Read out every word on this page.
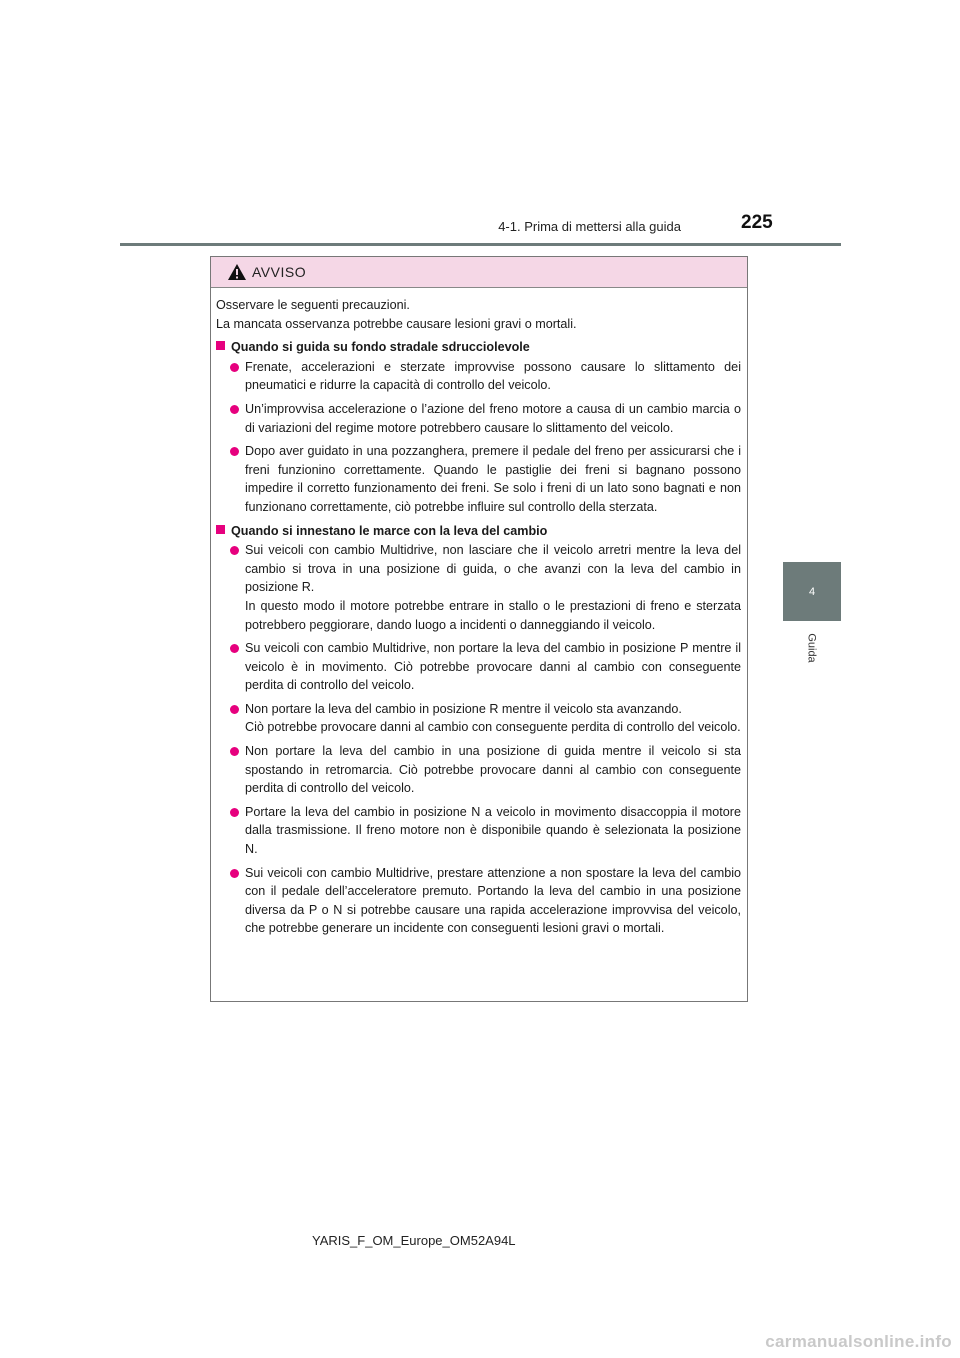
4-1. Prima di mettersi alla guida	225
4
Guida
AVVISO

Osservare le seguenti precauzioni.

La mancata osservanza potrebbe causare lesioni gravi o mortali.

Quando si guida su fondo stradale sdrucciolevole

Frenate, accelerazioni e sterzate improvvise possono causare lo slittamento dei pneumatici e ridurre la capacità di controllo del veicolo.

Un’improvvisa accelerazione o l’azione del freno motore a causa di un cambio marcia o di variazioni del regime motore potrebbero causare lo slittamento del veicolo.

Dopo aver guidato in una pozzanghera, premere il pedale del freno per assicurarsi che i freni funzionino correttamente. Quando le pastiglie dei freni si bagnano possono impedire il corretto funzionamento dei freni. Se solo i freni di un lato sono bagnati e non funzionano correttamente, ciò potrebbe influire sul controllo della sterzata.

Quando si innestano le marce con la leva del cambio

Sui veicoli con cambio Multidrive, non lasciare che il veicolo arretri mentre la leva del cambio si trova in una posizione di guida, o che avanzi con la leva del cambio in posizione R.

In questo modo il motore potrebbe entrare in stallo o le prestazioni di freno e sterzata potrebbero peggiorare, dando luogo a incidenti o danneggiando il veicolo.

Su veicoli con cambio Multidrive, non portare la leva del cambio in posizione P mentre il veicolo è in movimento. Ciò potrebbe provocare danni al cambio con conseguente perdita di controllo del veicolo.

Non portare la leva del cambio in posizione R mentre il veicolo sta avanzando.

Ciò potrebbe provocare danni al cambio con conseguente perdita di controllo del veicolo.

Non portare la leva del cambio in una posizione di guida mentre il veicolo si sta spostando in retromarcia. Ciò potrebbe provocare danni al cambio con conseguente perdita di controllo del veicolo.

Portare la leva del cambio in posizione N a veicolo in movimento disaccoppia il motore dalla trasmissione. Il freno motore non è disponibile quando è selezionata la posizione N.

Sui veicoli con cambio Multidrive, prestare attenzione a non spostare la leva del cambio con il pedale dell’acceleratore premuto. Portando la leva del cambio in una posizione diversa da P o N si potrebbe causare una rapida accelerazione improvvisa del veicolo, che potrebbe generare un incidente con conseguenti lesioni gravi o mortali.

YARIS_F_OM_Europe_OM52A94L
carmanualsonline.info
